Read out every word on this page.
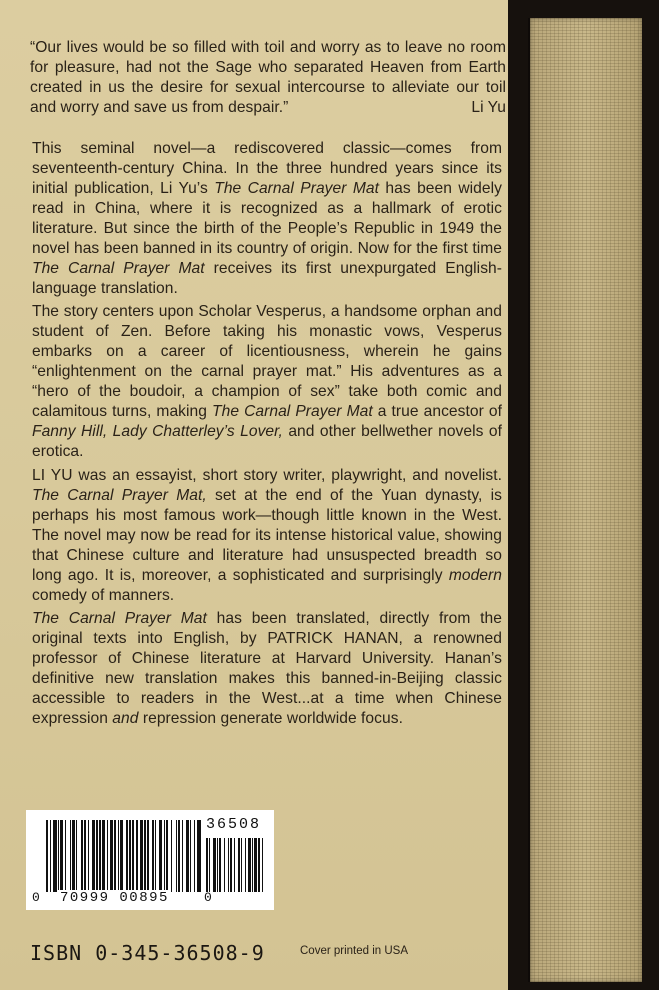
“Our lives would be so filled with toil and worry as to leave no room for pleasure, had not the Sage who separated Heaven from Earth created in us the desire for sexual intercourse to alleviate our toil and worry and save us from despair.”	Li Yu

This seminal novel—a rediscovered classic—comes from seventeenth-century China. In the three hundred years since its initial publication, Li Yu’s The Carnal Prayer Mat has been widely read in China, where it is recognized as a hallmark of erotic literature. But since the birth of the People’s Republic in 1949 the novel has been banned in its country of origin. Now for the first time The Carnal Prayer Mat receives its first unexpurgated English-language translation.

The story centers upon Scholar Vesperus, a handsome orphan and student of Zen. Before taking his monastic vows, Vesperus embarks on a career of licentiousness, wherein he gains “enlightenment on the carnal prayer mat.” His adventures as a “hero of the boudoir, a champion of sex” take both comic and calamitous turns, making The Carnal Prayer Mat a true ancestor of Fanny Hill, Lady Chatterley’s Lover, and other bellwether novels of erotica.

LI YU was an essayist, short story writer, playwright, and novelist. The Carnal Prayer Mat, set at the end of the Yuan dynasty, is perhaps his most famous work—though little known in the West. The novel may now be read for its intense historical value, showing that Chinese culture and literature had unsuspected breadth so long ago. It is, moreover, a sophisticated and surprisingly modern comedy of manners.

The Carnal Prayer Mat has been translated, directly from the original texts into English, by PATRICK HANAN, a renowned professor of Chinese literature at Harvard University. Hanan’s definitive new translation makes this banned-in-Beijing classic accessible to readers in the West...at a time when Chinese expression and repression generate worldwide focus.

36508
0 70999 00895	0
ISBN 0-345-36508-9	Cover printed in USA
